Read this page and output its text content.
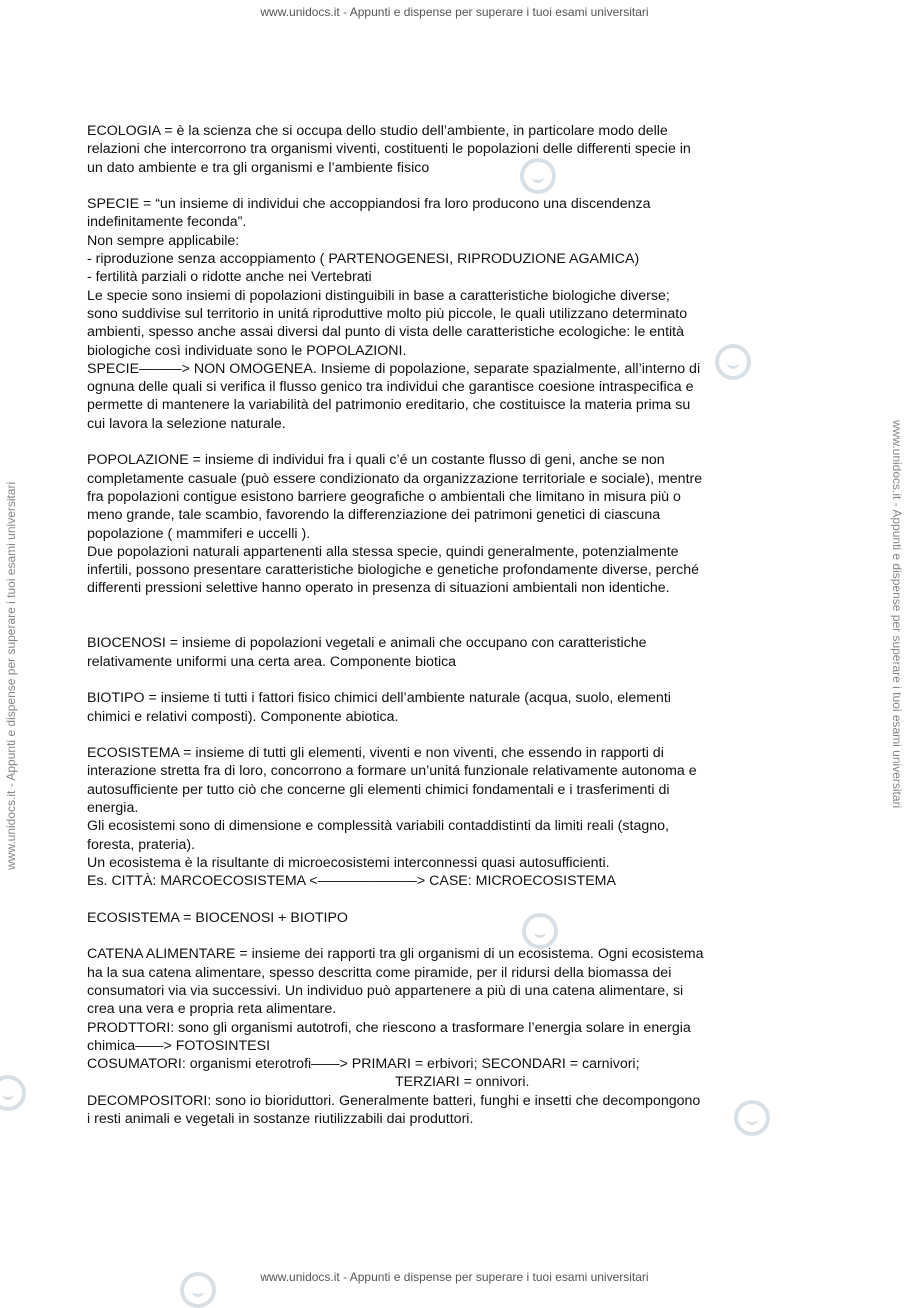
www.unidocs.it - Appunti e dispense per superare i tuoi esami universitari
www.unidocs.it - Appunti e dispense per superare i tuoi esami universitari	www.unidocs.it - Appunti e dispense per superare i tuoi esami universitari

ECOLOGIA = è la scienza che si occupa dello studio dell’ambiente, in particolare modo delle

relazioni che intercorrono tra organismi viventi, costituenti le popolazioni delle differenti specie in

un dato ambiente e tra gli organismi e l’ambiente fisico

SPECIE = “un insieme di individui che accoppiandosi fra loro producono una discendenza

indefinitamente feconda”.

Non sempre applicabile:

- riproduzione senza accoppiamento ( PARTENOGENESI, RIPRODUZIONE AGAMICA)

- fertilità parziali o ridotte anche nei Vertebrati

Le specie sono insiemi di popolazioni distinguibili in base a caratteristiche biologiche diverse;

sono suddivise sul territorio in unitá riproduttive molto più piccole, le quali utilizzano determinato

ambienti, spesso anche assai diversi dal punto di vista delle caratteristiche ecologiche: le entità

biologiche così individuate sono le POPOLAZIONI.

SPECIE———> NON OMOGENEA. Insieme di popolazione, separate spazialmente, all’interno di

ognuna delle quali si verifica il flusso genico tra individui che garantisce coesione intraspecifica e

permette di mantenere la variabilità del patrimonio ereditario, che costituisce la materia prima su

cui lavora la selezione naturale.

POPOLAZIONE = insieme di individui fra i quali c’é un costante flusso di geni, anche se non

completamente casuale (può essere condizionato da organizzazione territoriale e sociale), mentre

fra popolazioni contigue esistono barriere geografiche o ambientali che limitano in misura più o

meno grande, tale scambio, favorendo la differenziazione dei patrimoni genetici di ciascuna

popolazione ( mammiferi e uccelli ).

Due popolazioni naturali appartenenti alla stessa specie, quindi generalmente, potenzialmente

infertili, possono presentare caratteristiche biologiche e genetiche profondamente diverse, perché

differenti pressioni selettive hanno operato in presenza di situazioni ambientali non identiche.

BIOCENOSI = insieme di popolazioni vegetali e animali che occupano con caratteristiche

relativamente uniformi una certa area. Componente biotica

BIOTIPO = insieme ti tutti i fattori fisico chimici dell’ambiente naturale (acqua, suolo, elementi

chimici e relativi composti). Componente abiotica.

ECOSISTEMA = insieme di tutti gli elementi, viventi e non viventi, che essendo in rapporti di

interazione stretta fra di loro, concorrono a formare un’unitá funzionale relativamente autonoma e

autosufficiente per tutto ciò che concerne gli elementi chimici fondamentali e i trasferimenti di

energia.

Gli ecosistemi sono di dimensione e complessità variabili contaddistinti da limiti reali (stagno,

foresta, prateria).

Un ecosistema è la risultante di microecosistemi interconnessi quasi autosufficienti.

Es. CITTÀ: MARCOECOSISTEMA <———————> CASE: MICROECOSISTEMA

ECOSISTEMA = BIOCENOSI + BIOTIPO

CATENA ALIMENTARE = insieme dei rapporti tra gli organismi di un ecosistema. Ogni ecosistema

ha la sua catena alimentare, spesso descritta come piramide, per il ridursi della biomassa dei

consumatori via via successivi. Un individuo può appartenere a più di una catena alimentare, si

crea una vera e propria reta alimentare.

PRODTTORI: sono gli organismi autotrofi, che riescono a trasformare l’energia solare in energia

chimica——> FOTOSINTESI

COSUMATORI: organismi eterotrofi——> PRIMARI = erbivori; SECONDARI = carnivori;

TERZIARI = onnivori.

DECOMPOSITORI: sono io bioriduttori. Generalmente batteri, funghi e insetti che decompongono

i resti animali e vegetali in sostanze riutilizzabili dai produttori.

www.unidocs.it - Appunti e dispense per superare i tuoi esami universitari
